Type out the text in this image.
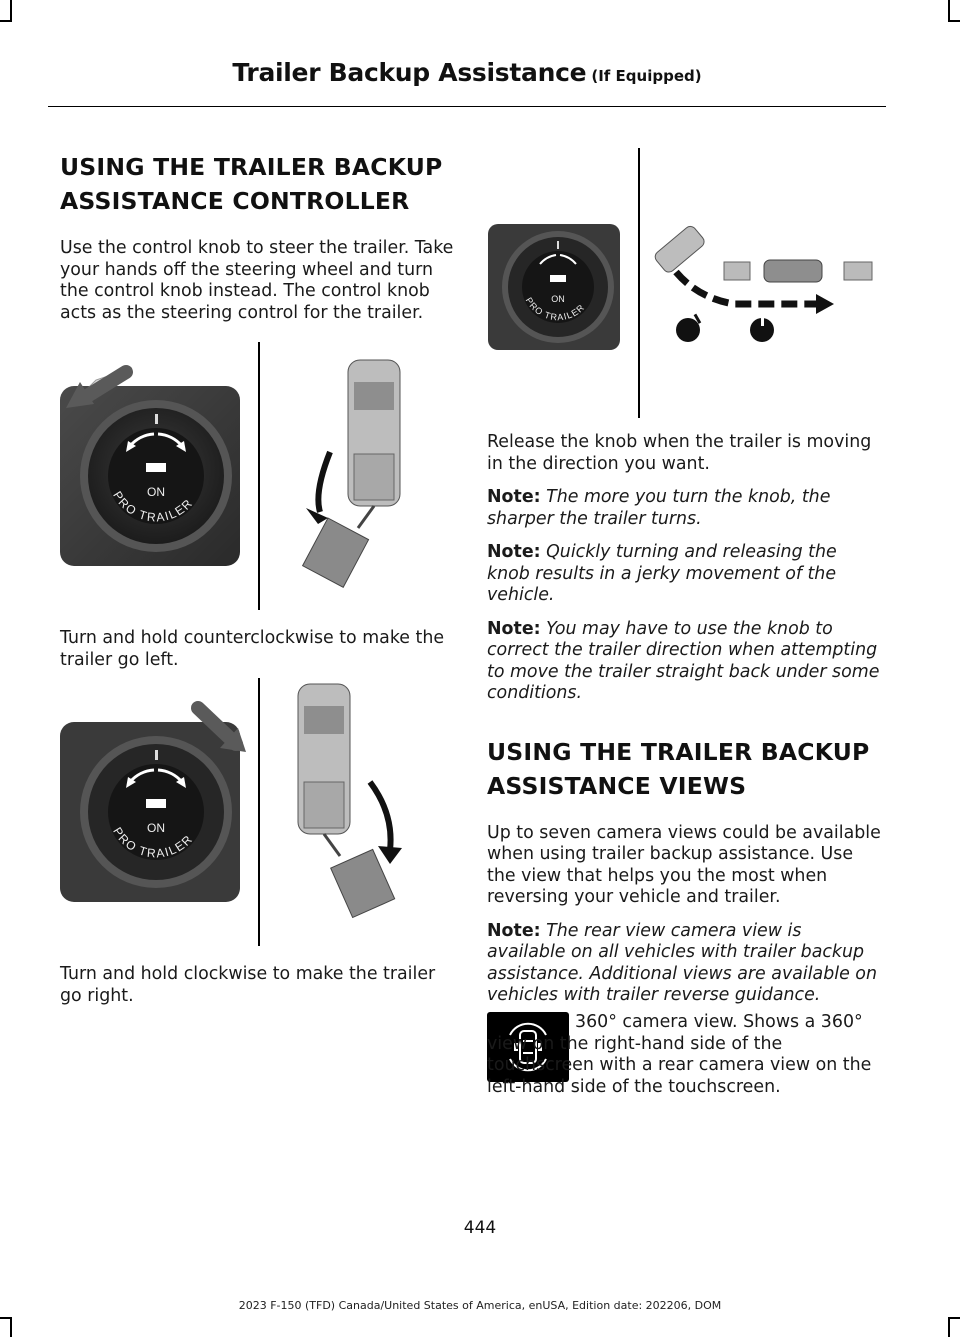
Trailer Backup Assistance (If Equipped)
USING THE TRAILER BACKUP
ASSISTANCE CONTROLLER

Use the control knob to steer the trailer. Take your hands off the steering wheel and turn the control knob instead. The control knob acts as the steering control for the trailer.

ON
PRO TRAILER

Turn and hold counterclockwise to make the trailer go left.

ON
PRO TRAILER

Turn and hold clockwise to make the trailer go right.

ON
PRO TRAILER

Release the knob when the trailer is moving in the direction you want.

Note: The more you turn the knob, the sharper the trailer turns.

Note: Quickly turning and releasing the knob results in a jerky movement of the vehicle.

Note: You may have to use the knob to correct the trailer direction when attempting to move the trailer straight back under some conditions.

USING THE TRAILER BACKUP
ASSISTANCE VIEWS

Up to seven camera views could be available when using trailer backup assistance. Use the view that helps you the most when reversing your vehicle and trailer.

Note: The rear view camera view is available on all vehicles with trailer backup assistance. Additional views are available on vehicles with trailer reverse guidance.

360° camera view. Shows a 360° view on the right-hand side of the touchscreen with a rear camera view on the left-hand side of the touchscreen.

444
2023 F-150 (TFD) Canada/United States of America, enUSA, Edition date: 202206, DOM
